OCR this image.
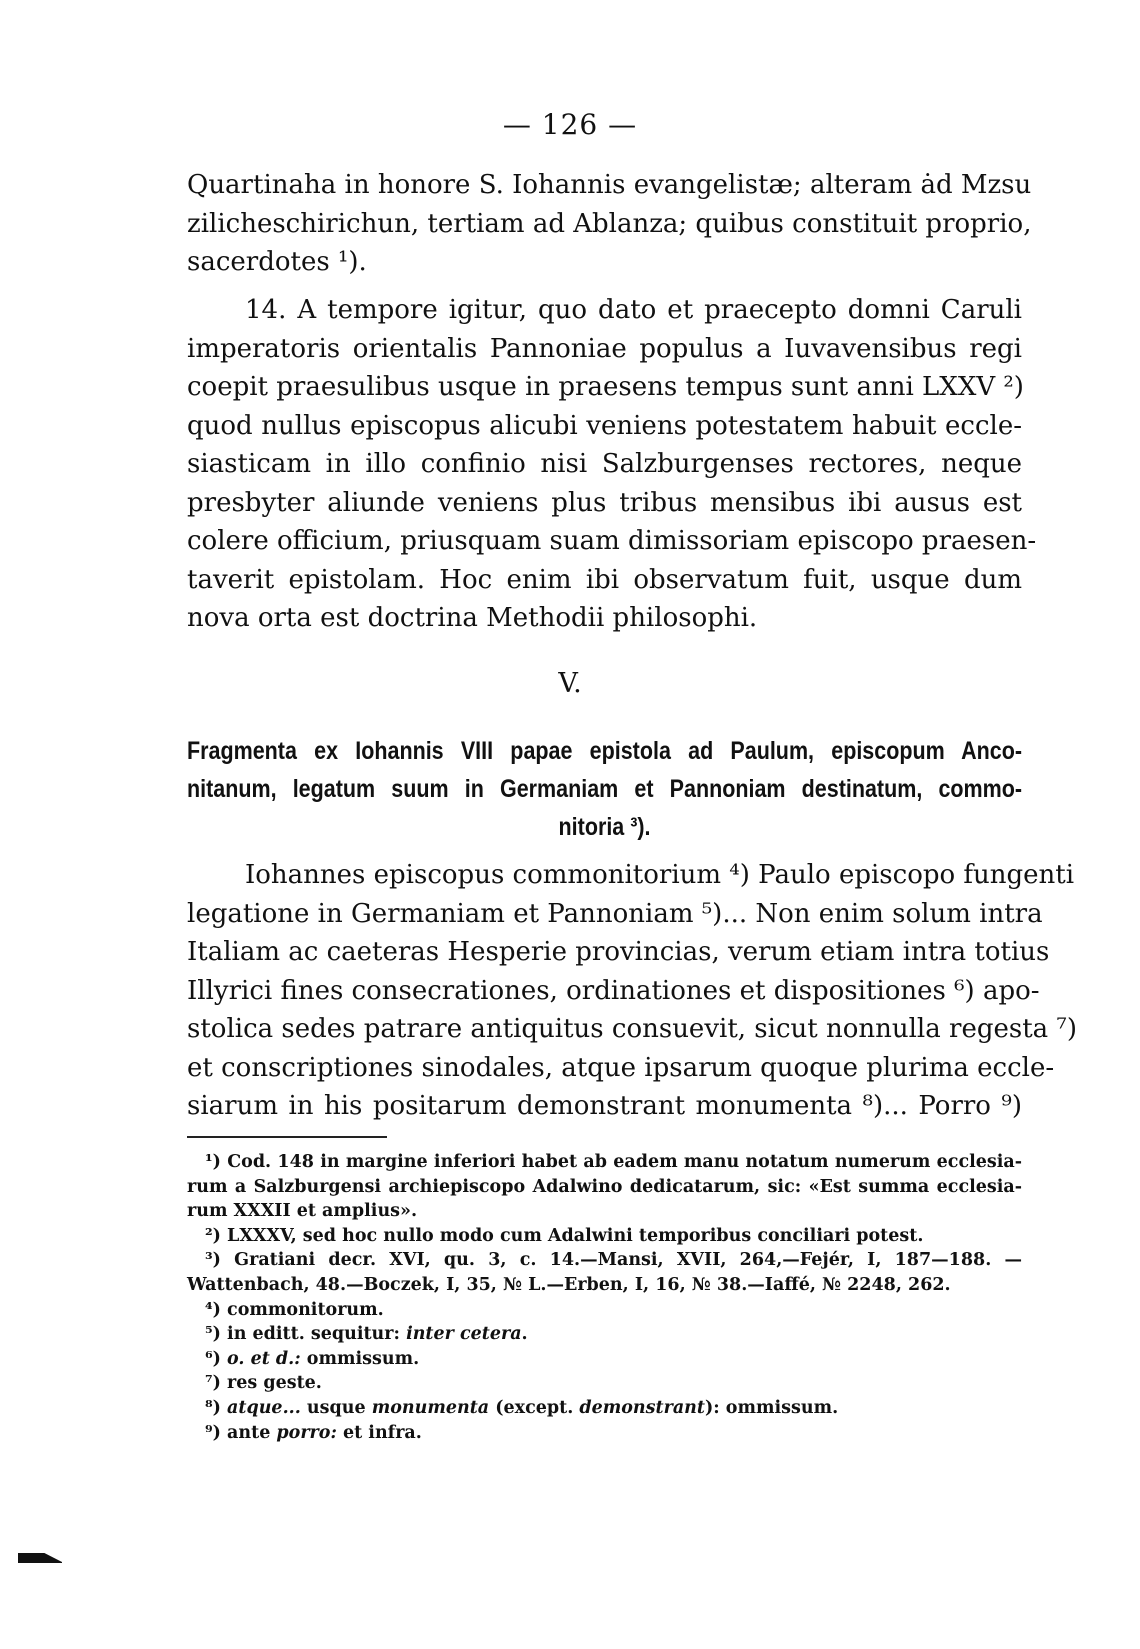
— 126 —
Quartinaha in honore S. Iohannis evangelistæ; alteram ȧd Mzsu
zilicheschirichun, tertiam ad Ablanza; quibus constituit proprio,
sacerdotes ¹).
14. A tempore igitur, quo dato et praecepto domni Caruli
imperatoris orientalis Pannoniae populus a Iuvavensibus regi
coepit praesulibus usque in praesens tempus sunt anni LXXV ²)
quod nullus episcopus alicubi veniens potestatem habuit eccle-
siasticam in illo confinio nisi Salzburgenses rectores, neque
presbyter aliunde veniens plus tribus mensibus ibi ausus est
colere officium, priusquam suam dimissoriam episcopo praesen-
taverit epistolam. Hoc enim ibi observatum fuit, usque dum
nova orta est doctrina Methodii philosophi.
V.
Fragmenta ex Iohannis VIII papae epistola ad Paulum, episcopum Anco-
nitanum, legatum suum in Germaniam et Pannoniam destinatum, commo-
nitoria ³).
Iohannes episcopus commonitorium ⁴) Paulo episcopo fungenti
legatione in Germaniam et Pannoniam ⁵)... Non enim solum intra
Italiam ac caeteras Hesperie provincias, verum etiam intra totius
Illyrici fines consecrationes, ordinationes et dispositiones ⁶) apo-
stolica sedes patrare antiquitus consuevit, sicut nonnulla regesta ⁷)
et conscriptiones sinodales, atque ipsarum quoque plurima eccle-
siarum in his positarum demonstrant monumenta ⁸)... Porro ⁹)
¹) Cod. 148 in margine inferiori habet ab eadem manu notatum numerum ecclesia-
rum a Salzburgensi archiepiscopo Adalwino dedicatarum, sic: «Est summa ecclesia-
rum XXXII et amplius».
²) LXXXV, sed hoc nullo modo cum Adalwini temporibus conciliari potest.
³) Gratiani decr. XVI, qu. 3, c. 14.—Mansi, XVII, 264,—Fejér, I, 187—188. —
Wattenbach, 48.—Boczek, I, 35, № L.—Erben, I, 16, № 38.—Iaffé, № 2248, 262.
⁴) commonitorum.
⁵) in editt. sequitur: inter cetera.
⁶) o. et d.: ommissum.
⁷) res geste.
⁸) atque... usque monumenta (except. demonstrant): ommissum.
⁹) ante porro: et infra.
